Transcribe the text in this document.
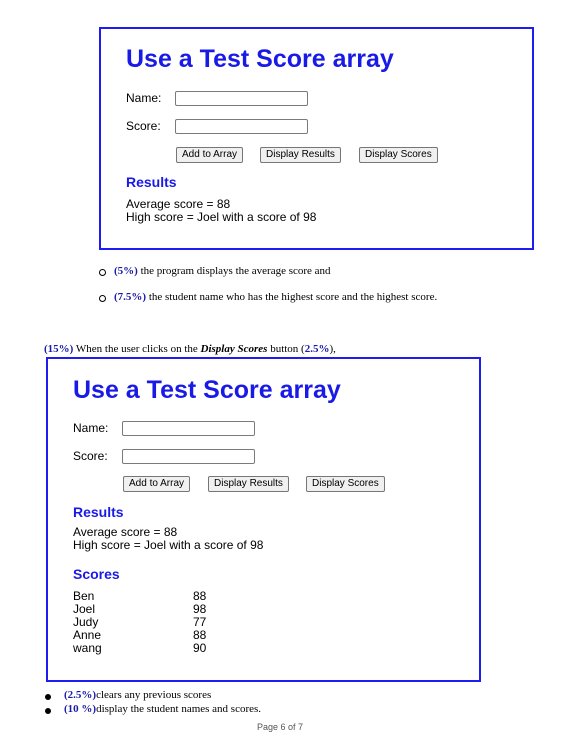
Use a Test Score array
Name:
Score:
Add to Array	Display Results	Display Scores
Results
Average score = 88
High score = Joel with a score of 98
(5%) the program displays the average score and
(7.5%) the student name who has the highest score and the highest score.
(15%) When the user clicks on the Display Scores button (2.5%),
Use a Test Score array
Name:
Score:
Add to Array	Display Results	Display Scores
Results
Average score = 88
High score = Joel with a score of 98
Scores
Ben	88
Joel	98
Judy	77
Anne	88
wang	90
(2.5%)clears any previous scores
(10 %)display the student names and scores.
Page 6 of 7
